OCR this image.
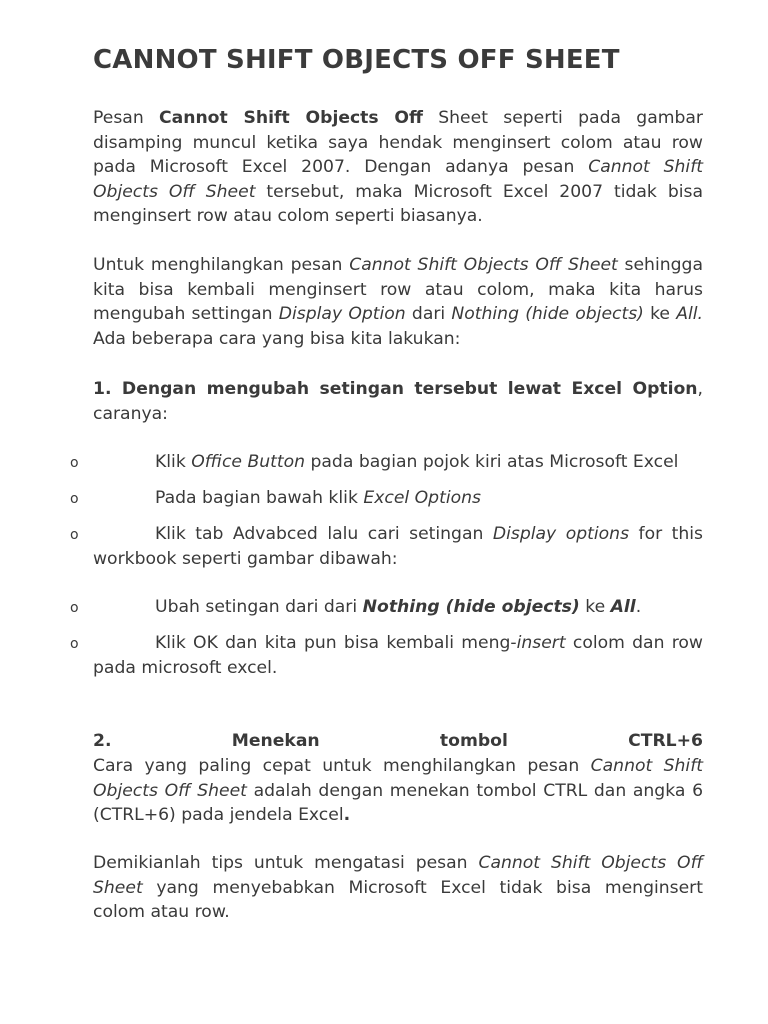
CANNOT SHIFT OBJECTS OFF SHEET

Pesan Cannot Shift Objects Off Sheet seperti pada gambar disamping muncul ketika saya hendak menginsert colom atau row pada Microsoft Excel 2007. Dengan adanya pesan Cannot Shift Objects Off Sheet tersebut, maka Microsoft Excel 2007 tidak bisa menginsert row atau colom seperti biasanya.

Untuk menghilangkan pesan Cannot Shift Objects Off Sheet sehingga kita bisa kembali menginsert row atau colom, maka kita harus mengubah settingan Display Option dari Nothing (hide objects) ke All. Ada beberapa cara yang bisa kita lakukan:

1. Dengan mengubah setingan tersebut lewat Excel Option, caranya:

o	Klik Office Button pada bagian pojok kiri atas Microsoft Excel

o	Pada bagian bawah klik Excel Options

o	Klik tab Advabced lalu cari setingan Display options for this workbook seperti gambar dibawah:

o	Ubah setingan dari dari Nothing (hide objects) ke All.

o	Klik OK dan kita pun bisa kembali meng-insert colom dan row pada microsoft excel.

2.	Menekan	tombol	CTRL+6

Cara yang paling cepat untuk menghilangkan pesan Cannot Shift Objects Off Sheet adalah dengan menekan tombol CTRL dan angka 6 (CTRL+6) pada jendela Excel.

Demikianlah tips untuk mengatasi pesan Cannot Shift Objects Off Sheet yang menyebabkan Microsoft Excel tidak bisa menginsert colom atau row.
